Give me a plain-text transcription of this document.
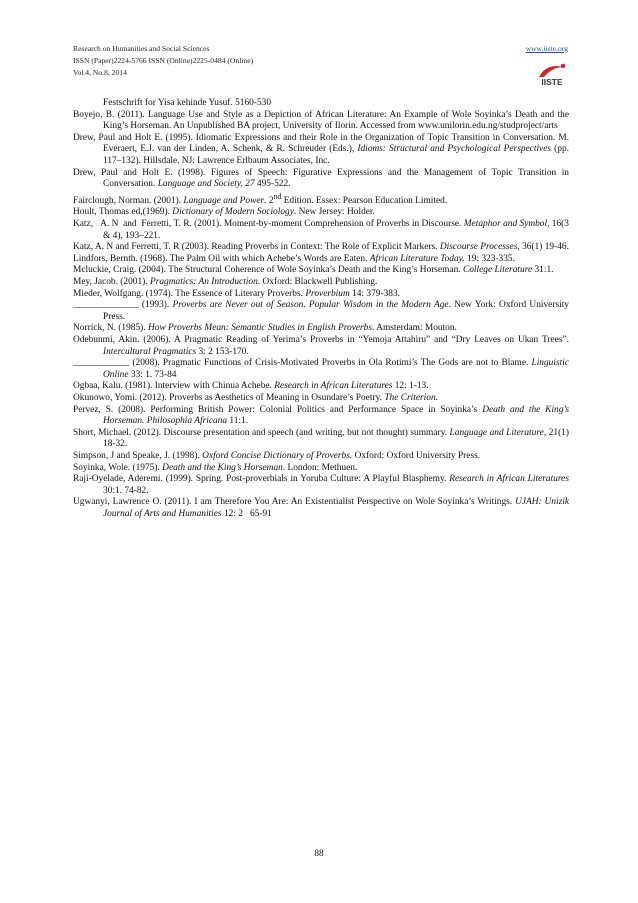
Research on Humanities and Social Sciences
ISSN (Paper)2224-5766 ISSN (Online)2225-0484 (Online)
Vol.4, No.8, 2014
www.iiste.org
IISTE

Festschrift for Yisa kehinde Yusuf. 5160-530

Boyejo, B. (2011). Language Use and Style as a Depiction of African Literature: An Example of Wole Soyinka’s Death and the King’s Horseman. An Unpublished BA project, University of Ilorin. Accessed from www.unilorin.edu.ng/studproject/arts

Drew, Paul and Holt E. (1995). Idiomatic Expressions and their Role in the Organization of Topic Transition in Conversation. M. Everaert, E.J. van der Linden, A. Schenk, & R. Schreuder (Eds.), Idioms: Structural and Psychological Perspectives (pp. 117–132). Hillsdale, NJ: Lawrence Erlbaum Associates, Inc.

Drew, Paul and Holt E. (1998). Figures of Speech: Figurative Expressions and the Management of Topic Transition in Conversation. Language and Society, 27 495-522.

Fairclough, Norman. (2001). Language and Power. 2nd Edition. Essex: Pearson Education Limited.

Hoult, Thomas ed,(1969). Dictionary of Modern Sociology. New Jersey: Holder.

Katz,   A. N  and  Ferretti, T. R. (2001). Moment-by-moment Comprehension of Proverbs in Discourse. Metaphor and Symbol, 16(3 & 4), 193–221.

Katz, A. N and Ferretti, T. R (2003). Reading Proverbs in Context: The Role of Explicit Markers. Discourse Processes, 36(1) 19-46.

Lindfors, Bernth. (1968). The Palm Oil with which Achebe’s Words are Eaten. African Literature Today. 19: 323-335.

Mcluckie, Craig. (2004). The Structural Coherence of Wole Soyinka’s Death and the King’s Horseman. College Literature 31:1.

Mey, Jacob. (2001). Pragmatics: An Introduction. Oxford: Blackwell Publishing.

Mieder, Wolfgang. (1974). The Essence of Literary Proverbs. Proverbium 14: 379-383.

______________ (1993). Proverbs are Never out of Season. Popular Wisdom in the Modern Age. New York: Oxford University Press.

Norrick, N. (1985). How Proverbs Mean: Semantic Studies in English Proverbs. Amsterdam: Mouton.

Odebunmi, Akin. (2006). A Pragmatic Reading of Yerima’s Proverbs in “Yemoja Attahiru” and “Dry Leaves on Ukan Trees”. Intercultural Pragmatics 3: 2 153-170.

____________ (2008). Pragmatic Functions of Crisis-Motivated Proverbs in Ola Rotimi’s The Gods are not to Blame. Linguistic Online 33: 1. 73-84

Ogbaa, Kalu. (1981). Interview with Chinua Achebe. Research in African Literatures 12: 1-13.

Okunowo, Yomi. (2012). Proverbs as Aesthetics of Meaning in Osundare’s Poetry. The Criterion.

Pervez, S. (2008). Performing British Power: Colonial Politics and Performance Space in Soyinka’s Death and the King’s Horseman. Philosophia Africana 11:1.

Short, Michael. (2012). Discourse presentation and speech (and writing, but not thought) summary. Language and Literature, 21(1) 18-32.

Simpson, J and Speake, J. (1998). Oxford Concise Dictionary of Proverbs. Oxford: Oxford University Press.

Soyinka, Wole. (1975). Death and the King’s Horseman. London: Methuen.

Raji-Oyelade, Aderemi. (1999). Spring. Post-proverbials in Yoruba Culture: A Playful Blasphemy. Research in African Literatures 30:1. 74-82.

Ugwanyi, Lawrence O. (2011). I am Therefore You Are: An Existentialist Perspective on Wole Soyinka’s Writings. UJAH: Unizik Journal of Arts and Humanities 12: 2   65-91

88
